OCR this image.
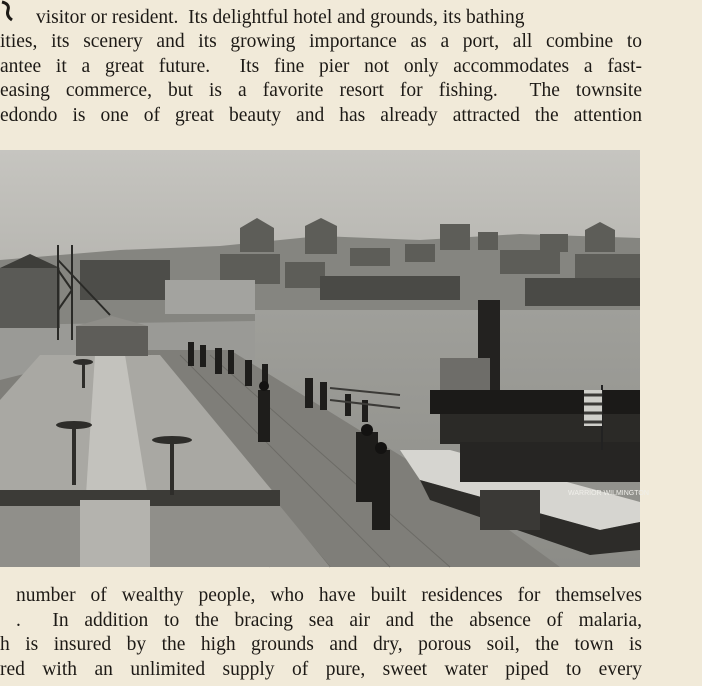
visitor or resident.  Its delightful hotel and grounds, its bathing
ities, its scenery and its growing importance as a port, all combine to
antee it a great future.  Its fine pier not only accommodates a fast-
easing commerce, but is a favorite resort for fishing.  The townsite
edondo is one of great beauty and has already attracted the attention
WARRIOR WILMINGTON
number of wealthy people, who have built residences for themselves
.  In addition to the bracing sea air and the absence of malaria,
h is insured by the high grounds and dry, porous soil, the town is
red with an unlimited supply of pure, sweet water piped to every
